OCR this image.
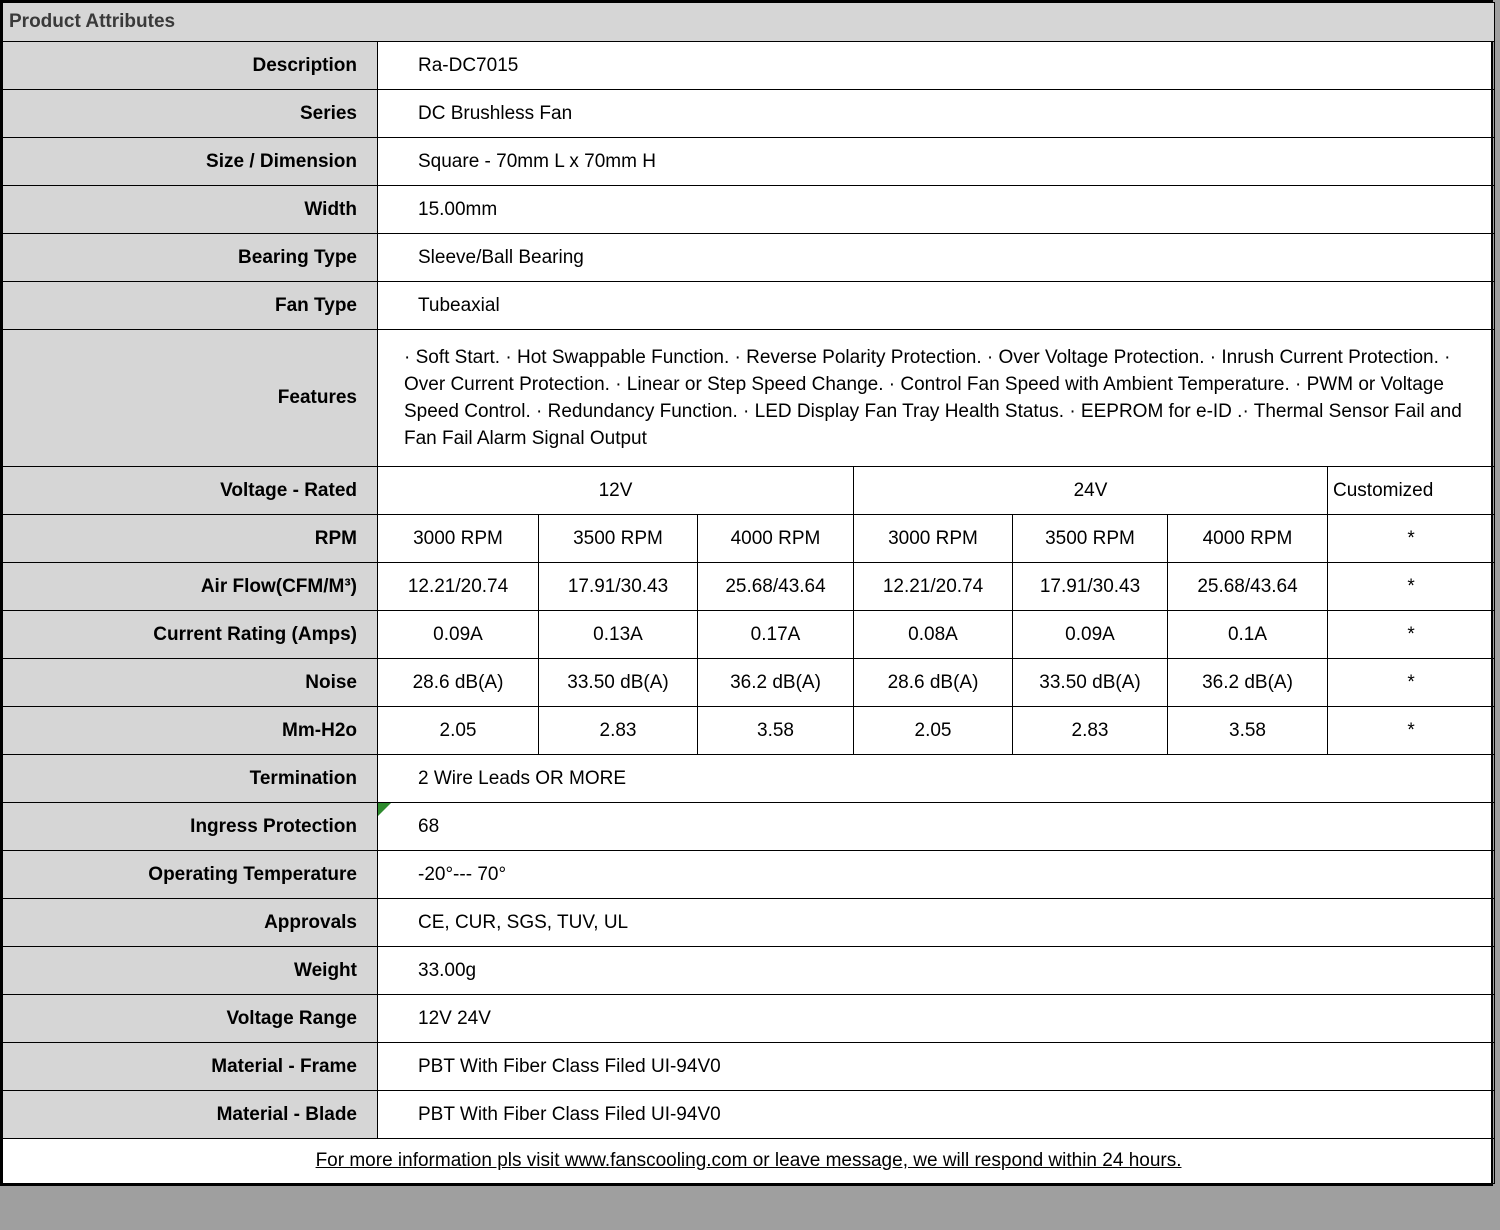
Product Attributes							
Description	Ra-DC7015						
Series	DC Brushless Fan						
Size / Dimension	Square - 70mm L x 70mm H						
Width	15.00mm						
Bearing Type	Sleeve/Ball Bearing						
Fan Type	Tubeaxial						
Features	· Soft Start. · Hot Swappable Function. · Reverse Polarity Protection. · Over Voltage Protection. · Inrush Current Protection. · Over Current Protection. · Linear or Step Speed Change. · Control Fan Speed with Ambient Temperature. · PWM or Voltage Speed Control. · Redundancy Function. · LED Display Fan Tray Health Status. · EEPROM for e-ID .· Thermal Sensor Fail and Fan Fail Alarm Signal Output						
Voltage - Rated	12V			24V			Customized
RPM	3000 RPM	3500 RPM	4000 RPM	3000 RPM	3500 RPM	4000 RPM	*
Air Flow(CFM/M³)	12.21/20.74	17.91/30.43	25.68/43.64	12.21/20.74	17.91/30.43	25.68/43.64	*
Current Rating (Amps)	0.09A	0.13A	0.17A	0.08A	0.09A	0.1A	*
Noise	28.6 dB(A)	33.50 dB(A)	36.2 dB(A)	28.6 dB(A)	33.50 dB(A)	36.2 dB(A)	*
Mm-H2o	2.05	2.83	3.58	2.05	2.83	3.58	*
Termination	2 Wire Leads OR MORE						
Ingress Protection	68						
Operating Temperature	-20°--- 70°						
Approvals	CE, CUR, SGS, TUV, UL						
Weight	33.00g						
Voltage Range	12V 24V						
Material - Frame	PBT With Fiber Class Filed UI-94V0						
Material - Blade	PBT With Fiber Class Filed UI-94V0						
For more information pls visit www.fanscooling.com or leave message, we will respond within 24 hours.							
